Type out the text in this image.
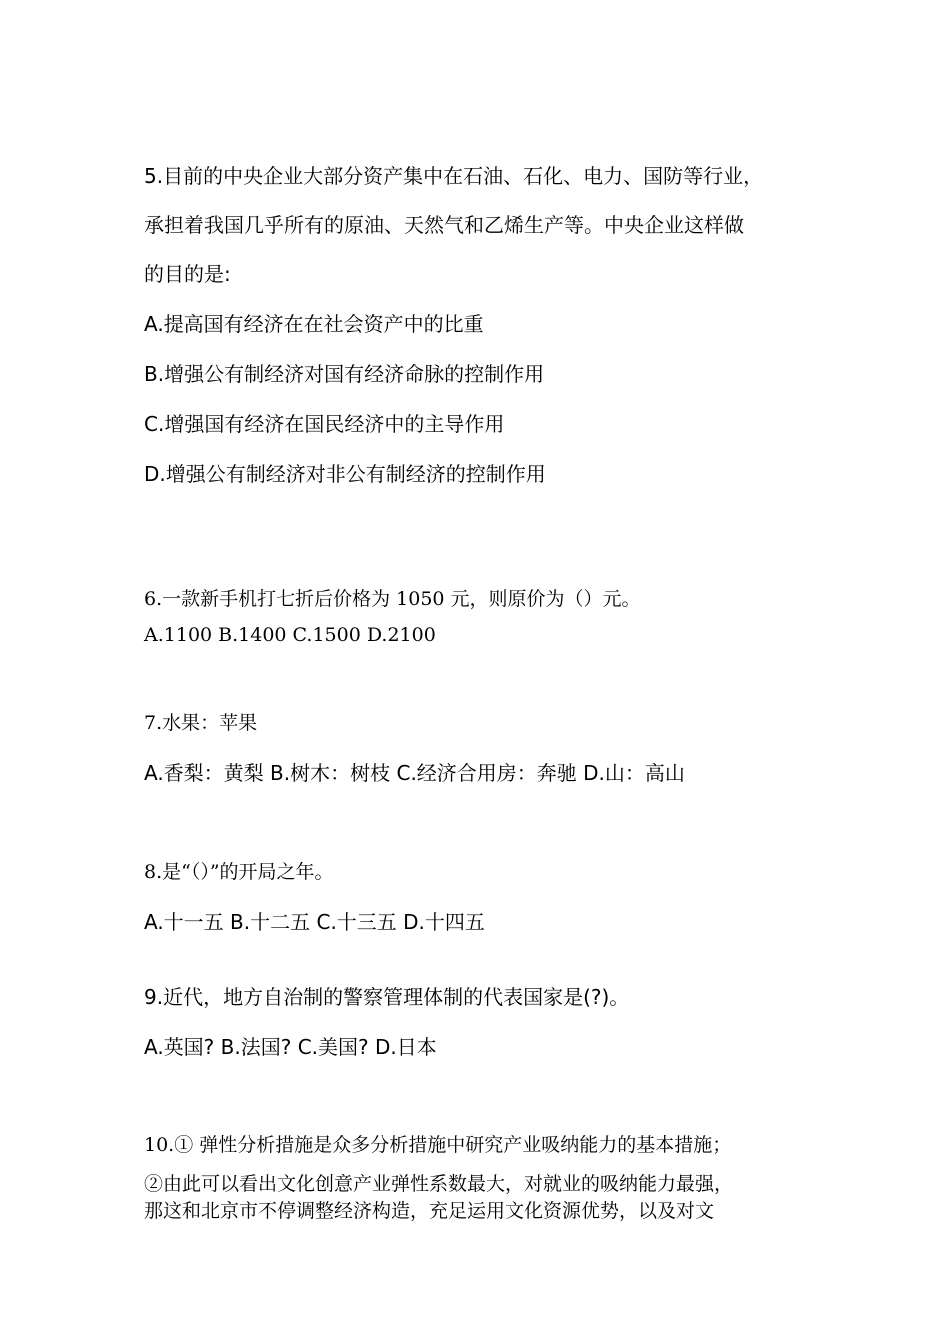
5.目前的中央企业大部分资产集中在石油、石化、电力、国防等行业，
承担着我国几乎所有的原油、天然气和乙烯生产等。中央企业这样做
的目的是:
A.提高国有经济在在社会资产中的比重
B.增强公有制经济对国有经济命脉的控制作用
C.增强国有经济在国民经济中的主导作用
D.增强公有制经济对非公有制经济的控制作用
6.一款新手机打七折后价格为 1050 元，则原价为（）元。
A.1100 B.1400 C.1500 D.2100
7.水果：苹果
A.香梨：黄梨 B.树木：树枝 C.经济合用房：奔驰 D.山：高山
8.是“（）”的开局之年。
A.十一五 B.十二五 C.十三五 D.十四五
9.近代，地方自治制的警察管理体制的代表国家是(?)。
A.英国? B.法国? C.美国? D.日本
10.① 弹性分析措施是众多分析措施中研究产业吸纳能力的基本措施；
②由此可以看出文化创意产业弹性系数最大，对就业的吸纳能力最强，
那这和北京市不停调整经济构造，充足运用文化资源优势，以及对文
